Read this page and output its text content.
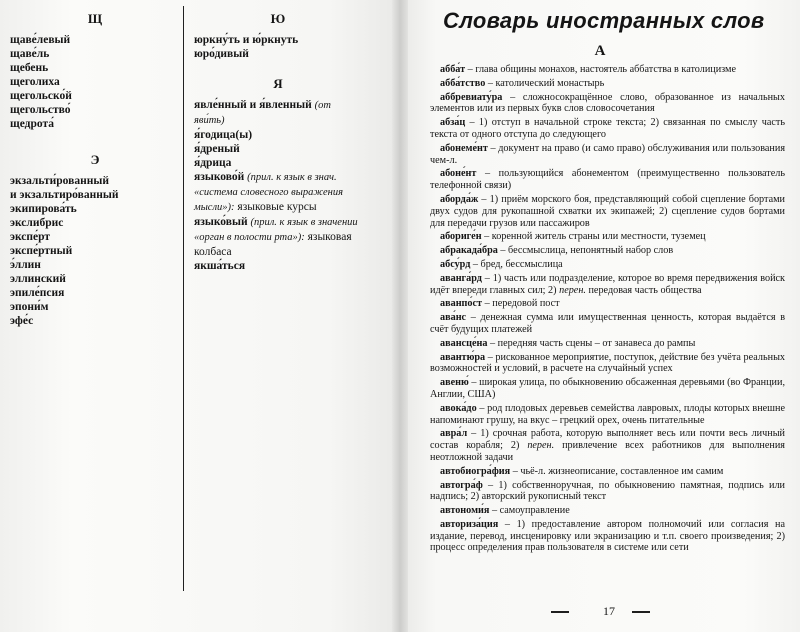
Щ
щаве́левый
щаве́ль
щебень
щеголиха
щегольско́й
щегольство́
щедрота́
Э
экзальти́рованный
и экзальтиро́ванный
экипирова́ть
экслибрис
экспе́рт
экспе́ртный
э́ллин
эллинский
эпиле́псия
эпони́м
эфе́с
Ю
юркну́ть и ю́ркнуть
юро́дивый
Я
явле́нный и я́вленный (от яви́ть)
я́годица(ы)
я́дреный
я́дрица
языково́й (прил. к язык в знач. «система словесного выражения мысли»): языковые курсы
языко́вый (прил. к язык в значении «орган в полости рта»): языковая колбаса
якша́ться
Словарь иностранных слов
А
абба́т – глава общины монахов, настоятель аббатства в католицизме
абба́тство – католический монастырь
аббревиату́ра – сложносокращённое слово, образованное из начальных элементов или из первых букв слов словосочетания
абза́ц – 1) отступ в начальной строке текста; 2) связанная по смыслу часть текста от одного отступа до следующего
абонеме́нт – документ на право (и само право) обслуживания или пользования чем-л.
абоне́нт – пользующийся абонементом (преимущественно пользователь телефонной связи)
аборда́ж – 1) приём морского боя, представляющий собой сцепление бортами двух судов для рукопашной схватки их экипажей; 2) сцепление судов бортами для передачи грузов или пассажиров
абориге́н – коренной житель страны или местности, туземец
абракада́бра – бессмыслица, непонятный набор слов
абсу́рд – бред, бессмыслица
аванга́рд – 1) часть или подразделение, которое во время передвижения войск идёт впереди главных сил; 2) перен. передовая часть общества
аванпо́ст – передовой пост
ава́нс – денежная сумма или имущественная ценность, которая выдаётся в счёт будущих платежей
авансце́на – передняя часть сцены – от занавеса до рампы
авантю́ра – рискованное мероприятие, поступок, действие без учёта реальных возможностей и условий, в расчете на случайный успех
авеню́ – широкая улица, по обыкновению обсаженная деревьями (во Франции, Англии, США)
авока́до – род плодовых деревьев семейства лавровых, плоды которых внешне напоминают грушу, на вкус – грецкий орех, очень питательные
авра́л – 1) срочная работа, которую выполняет весь или почти весь личный состав корабля; 2) перен. привлечение всех работников для выполнения неотложной задачи
автобиогра́фия – чьё-л. жизнеописание, составленное им самим
автогра́ф – 1) собственноручная, по обыкновению памятная, подпись или надпись; 2) авторский рукописный текст
автономи́я – самоуправление
авториза́ция – 1) предоставление автором полномочий или согласия на издание, перевод, инсценировку или экранизацию и т.п. своего произведения; 2) процесс определения прав пользователя в системе или сети
17
